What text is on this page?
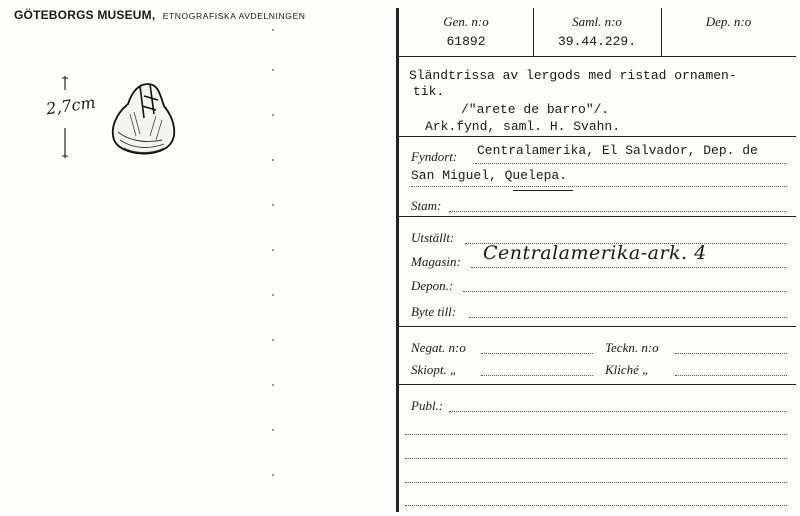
GÖTEBORGS MUSEUM, ETNOGRAFISKA AVDELNINGEN
2,7cm
Gen. n:o
61892
Saml. n:o
39.44.229.
Dep. n:o
Sländtrissa av lergods med ristad ornamen-
tik.
/"arete de barro"/.
Ark.fynd, saml. H. Svahn.
Fyndort: Centralamerika, El Salvador, Dep. de
San Miguel, Quelepa.
Stam:
Utställt:
Magasin: Centralamerika-ark. 4
Depon.:
Byte till:
Negat. n:o	Teckn. n:o
Skiopt. „	Kliché „
Publ.:
